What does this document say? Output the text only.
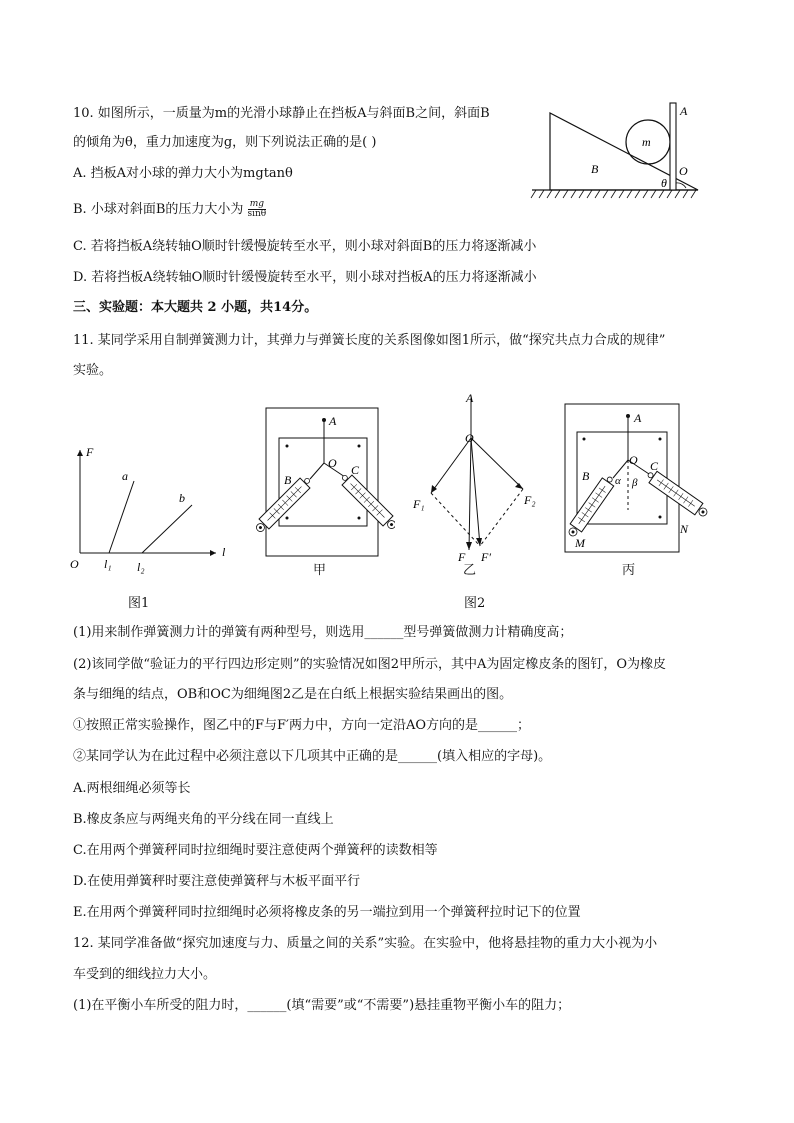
10. 如图所示，一质量为m的光滑小球静止在挡板A与斜面B之间，斜面B
的倾角为θ，重力加速度为g，则下列说法正确的是( )
A. 挡板A对小球的弹力大小为mgtanθ
B. 小球对斜面B的压力大小为 $\frac{mg}{\sin\theta}$
C. 若将挡板A绕转轴O顺时针缓慢旋转至水平，则小球对斜面B的压力将逐渐减小
D. 若将挡板A绕转轴O顺时针缓慢旋转至水平，则小球对挡板A的压力将逐渐减小
m
A
B	O
θ
三、实验题：本大题共 2 小题，共14分。
11. 某同学采用自制弹簧测力计，其弹力与弹簧长度的关系图像如图1所示，做“探究共点力合成的规律”
实验。
F
l
O
a
b
l₁ l₂
图1
A
O
B
C
甲
A
O
F₁	F₂
F F′
乙
图2
A
O
B
C
α β
M
N
丙
(1)用来制作弹簧测力计的弹簧有两种型号，则选用______型号弹簧做测力计精确度高；
(2)该同学做“验证力的平行四边形定则”的实验情况如图2甲所示，其中A为固定橡皮条的图钉，O为橡皮
条与细绳的结点，OB和OC为细绳图2乙是在白纸上根据实验结果画出的图。
①按照正常实验操作，图乙中的F与F′两力中，方向一定沿AO方向的是______；
②某同学认为在此过程中必须注意以下几项其中正确的是______(填入相应的字母)。
A.两根细绳必须等长
B.橡皮条应与两绳夹角的平分线在同一直线上
C.在用两个弹簧秤同时拉细绳时要注意使两个弹簧秤的读数相等
D.在使用弹簧秤时要注意使弹簧秤与木板平面平行
E.在用两个弹簧秤同时拉细绳时必须将橡皮条的另一端拉到用一个弹簧秤拉时记下的位置
12. 某同学准备做“探究加速度与力、质量之间的关系”实验。在实验中，他将悬挂物的重力大小视为小
车受到的细线拉力大小。
(1)在平衡小车所受的阻力时，______(填“需要”或“不需要”)悬挂重物平衡小车的阻力；
